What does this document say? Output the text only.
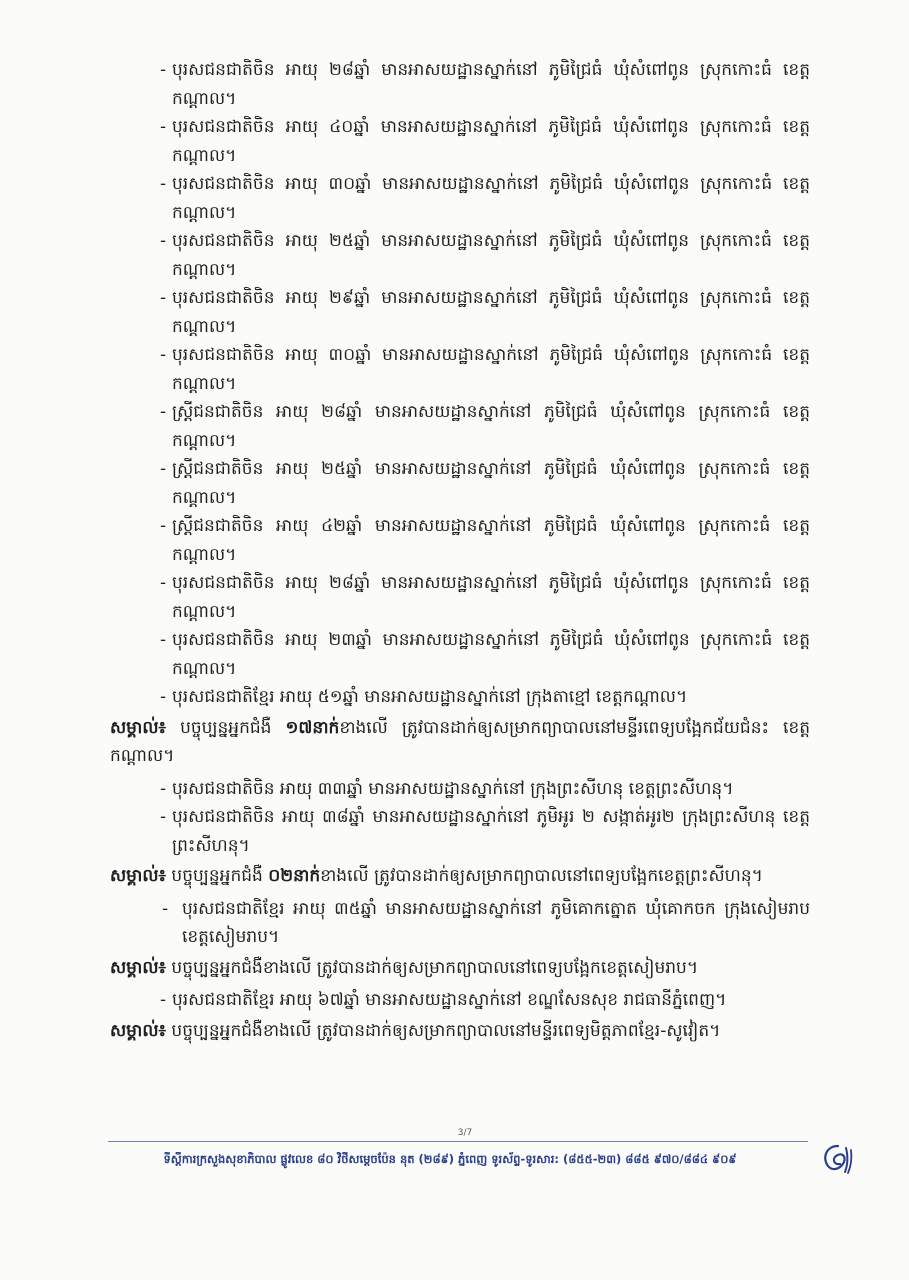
- បុរសជនជាតិចិន អាយុ ២៨ឆ្នាំ មានអាសយដ្ឋានស្នាក់នៅ ភូមិជ្រៃធំ ឃុំសំពៅពូន ស្រុកកោះធំ ខេត្តកណ្ដាល។

- បុរសជនជាតិចិន អាយុ ៤០ឆ្នាំ មានអាសយដ្ឋានស្នាក់នៅ ភូមិជ្រៃធំ ឃុំសំពៅពូន ស្រុកកោះធំ ខេត្តកណ្ដាល។

- បុរសជនជាតិចិន អាយុ ៣០ឆ្នាំ មានអាសយដ្ឋានស្នាក់នៅ ភូមិជ្រៃធំ ឃុំសំពៅពូន ស្រុកកោះធំ ខេត្តកណ្ដាល។

- បុរសជនជាតិចិន អាយុ ២៥ឆ្នាំ មានអាសយដ្ឋានស្នាក់នៅ ភូមិជ្រៃធំ ឃុំសំពៅពូន ស្រុកកោះធំ ខេត្តកណ្ដាល។

- បុរសជនជាតិចិន អាយុ ២៩ឆ្នាំ មានអាសយដ្ឋានស្នាក់នៅ ភូមិជ្រៃធំ ឃុំសំពៅពូន ស្រុកកោះធំ ខេត្តកណ្ដាល។

- បុរសជនជាតិចិន អាយុ ៣០ឆ្នាំ មានអាសយដ្ឋានស្នាក់នៅ ភូមិជ្រៃធំ ឃុំសំពៅពូន ស្រុកកោះធំ ខេត្តកណ្ដាល។

- ស្ត្រីជនជាតិចិន អាយុ ២៨ឆ្នាំ មានអាសយដ្ឋានស្នាក់នៅ ភូមិជ្រៃធំ ឃុំសំពៅពូន ស្រុកកោះធំ ខេត្តកណ្ដាល។

- ស្ត្រីជនជាតិចិន អាយុ ២៥ឆ្នាំ មានអាសយដ្ឋានស្នាក់នៅ ភូមិជ្រៃធំ ឃុំសំពៅពូន ស្រុកកោះធំ ខេត្តកណ្ដាល។

- ស្ត្រីជនជាតិចិន អាយុ ៤២ឆ្នាំ មានអាសយដ្ឋានស្នាក់នៅ ភូមិជ្រៃធំ ឃុំសំពៅពូន ស្រុកកោះធំ ខេត្តកណ្ដាល។

- បុរសជនជាតិចិន អាយុ ២៨ឆ្នាំ មានអាសយដ្ឋានស្នាក់នៅ ភូមិជ្រៃធំ ឃុំសំពៅពូន ស្រុកកោះធំ ខេត្តកណ្ដាល។

- បុរសជនជាតិចិន អាយុ ២៣ឆ្នាំ មានអាសយដ្ឋានស្នាក់នៅ ភូមិជ្រៃធំ ឃុំសំពៅពូន ស្រុកកោះធំ ខេត្តកណ្ដាល។

- បុរសជនជាតិខ្មែរ អាយុ ៥១ឆ្នាំ មានអាសយដ្ឋានស្នាក់នៅ ក្រុងតាខ្មៅ ខេត្តកណ្ដាល។

សម្គាល់៖ បច្ចុប្បន្នអ្នកជំងឺ ១៧នាក់ខាងលើ ត្រូវបានដាក់ឲ្យសម្រាកព្យាបាលនៅមន្ទីរពេទ្យបង្អែកជ័យជំនះ ខេត្ត កណ្ដាល។

- បុរសជនជាតិចិន អាយុ ៣៣ឆ្នាំ មានអាសយដ្ឋានស្នាក់នៅ ក្រុងព្រះសីហនុ ខេត្តព្រះសីហនុ។

- បុរសជនជាតិចិន អាយុ ៣៨ឆ្នាំ មានអាសយដ្ឋានស្នាក់នៅ ភូមិអូរ ២ សង្កាត់អូរ២ ក្រុងព្រះសីហនុ ខេត្តព្រះសីហនុ។

សម្គាល់៖ បច្ចុប្បន្នអ្នកជំងឺ ០២នាក់ខាងលើ ត្រូវបានដាក់ឲ្យសម្រាកព្យាបាលនៅពេទ្យបង្អែកខេត្តព្រះសីហនុ។

- បុរសជនជាតិខ្មែរ អាយុ ៣៥ឆ្នាំ មានអាសយដ្ឋានស្នាក់នៅ ភូមិគោកត្នោត ឃុំគោកចក ក្រុងសៀមរាប ខេត្តសៀមរាប។

សម្គាល់៖ បច្ចុប្បន្នអ្នកជំងឺខាងលើ ត្រូវបានដាក់ឲ្យសម្រាកព្យាបាលនៅពេទ្យបង្អែកខេត្តសៀមរាប។

- បុរសជនជាតិខ្មែរ អាយុ ៦៧ឆ្នាំ មានអាសយដ្ឋានស្នាក់នៅ ខណ្ឌសែនសុខ រាជធានីភ្នំពេញ។

សម្គាល់៖ បច្ចុប្បន្នអ្នកជំងឺខាងលើ ត្រូវបានដាក់ឲ្យសម្រាកព្យាបាលនៅមន្ទីរពេទ្យមិត្តភាពខ្មែរ-សូវៀត។

3/7
ទីស្តីការក្រសួងសុខាភិបាល ផ្លូវលេខ ៨០ វិថីសម្តេចប៉ែន នុត (២៨៩) ភ្នំពេញ ទូរស័ព្ទ-ទូរសារ: (៨៥៥-២៣) ៨៨៥ ៩៧០/៨៨៤ ៩០៩
